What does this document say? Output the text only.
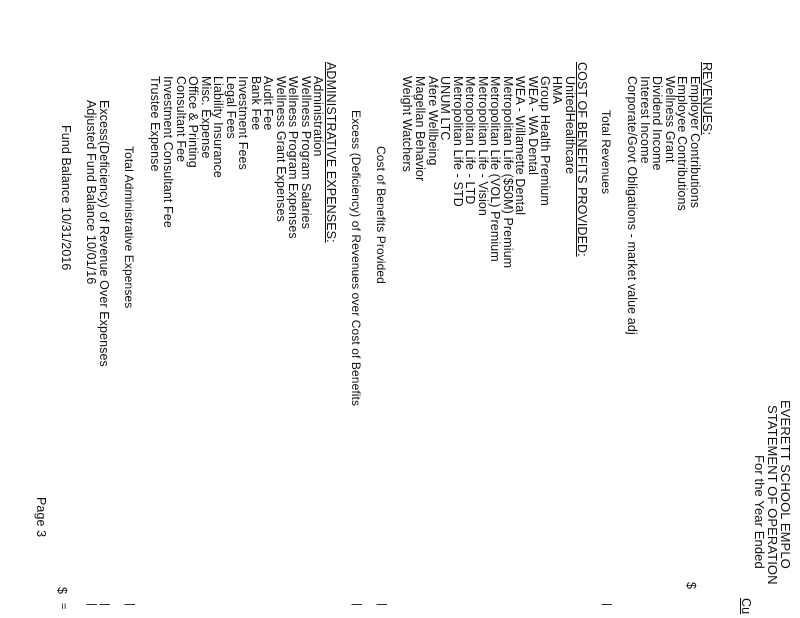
EVERETT SCHOOL EMPLO
STATEMENT OF OPERATION
For the Year Ended
Cu
REVENUES:
Employer Contributions
Employee Contributions
Wellness Grant
Dividend Income
Interest Income
Corporate/Govt Obligations - market value adj
$
Total Revenues
|
COST OF BENEFITS PROVIDED:
UnitedHealthcare
HMA
Group Health Premium
WEA - WA Dental
WEA - Willamette Dental
Metropolitan Life ($50M) Premium
Metropolitan Life (VOL) Premium
Metropolitan Life - Vision
Metropolitan Life - LTD
Metropolitan Life - STD
UNUM LTC
Afere Wellbeing
Magellan Behavior
Weight Watchers
Cost of Benefits Provided
|
Excess (Deficiency) of Revenues over Cost of Benefits
|
ADMINISTRATIVE EXPENSES:
Administration
Wellness Program Salaries
Wellness Program Expenses
Wellness Grant Expenses
Audit Fee
Bank Fee
Investment Fees
Legal Fees
Liability Insurance
Misc. Expense
Office & Printing
Consultant Fee
Investment Consultant Fee
Trustee Expense
Total Administrative Expenses
|
Excess(Deficiency) of Revenue Over Expenses
|
Adjusted Fund Balance 10/01/16
|
Fund Balance 10/31/2016
$
=
Page 3
